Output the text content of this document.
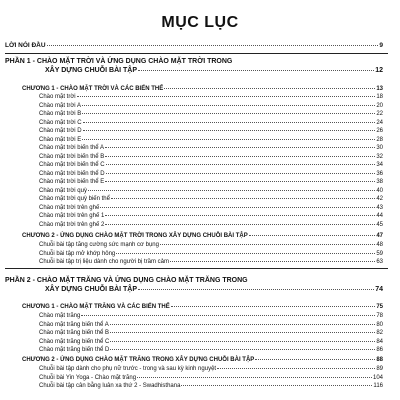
MỤC LỤC
LỜI NÓI ĐẦU	9
PHẦN 1 - CHÀO MẶT TRỜI VÀ ỨNG DỤNG CHÀO MẶT TRỜI TRONG
XÂY DỰNG CHUỖI BÀI TẬP	12
CHƯƠNG 1 - CHÀO MẶT TRỜI VÀ CÁC BIẾN THỂ	13
Chào mặt trời	18
Chào mặt trời A	20
Chào mặt trời B	22
Chào mặt trời C	24
Chào mặt trời D	26
Chào mặt trời E	28
Chào mặt trời biến thể A	30
Chào mặt trời biến thể B	32
Chào mặt trời biến thể C	34
Chào mặt trời biến thể D	36
Chào mặt trời biến thể E	38
Chào mặt trời quỳ	40
Chào mặt trời quỳ biến thể	42
Chào mặt trời trên ghế	43
Chào mặt trời trên ghế 1	44
Chào mặt trời trên ghế 2	45
CHƯƠNG 2 - ỨNG DỤNG CHÀO MẶT TRỜI TRONG XÂY DỰNG CHUỖI BÀI TẬP	47
Chuỗi bài tập tăng cường sức mạnh cơ bụng	48
Chuỗi bài tập mở khớp hông	59
Chuỗi bài tập trị liệu dành cho người bị trầm cảm	63
PHẦN 2 - CHÀO MẶT TRĂNG VÀ ỨNG DỤNG CHÀO MẶT TRĂNG TRONG
XÂY DỰNG CHUỖI BÀI TẬP	74
CHƯƠNG 1 - CHÀO MẶT TRĂNG VÀ CÁC BIẾN THỂ	75
Chào mặt trăng	78
Chào mặt trăng biến thể A	80
Chào mặt trăng biến thể B	82
Chào mặt trăng biến thể C	84
Chào mặt trăng biến thể D	86
CHƯƠNG 2 - ỨNG DỤNG CHÀO MẶT TRĂNG TRONG XÂY DỰNG CHUỖI BÀI TẬP	88
Chuỗi bài tập dành cho phụ nữ trước - trong và sau kỳ kinh nguyệt	89
Chuỗi bài Yin Yoga - Chào mặt trăng	104
Chuỗi bài tập cân bằng luân xa thứ 2 - Swadhisthana	116
